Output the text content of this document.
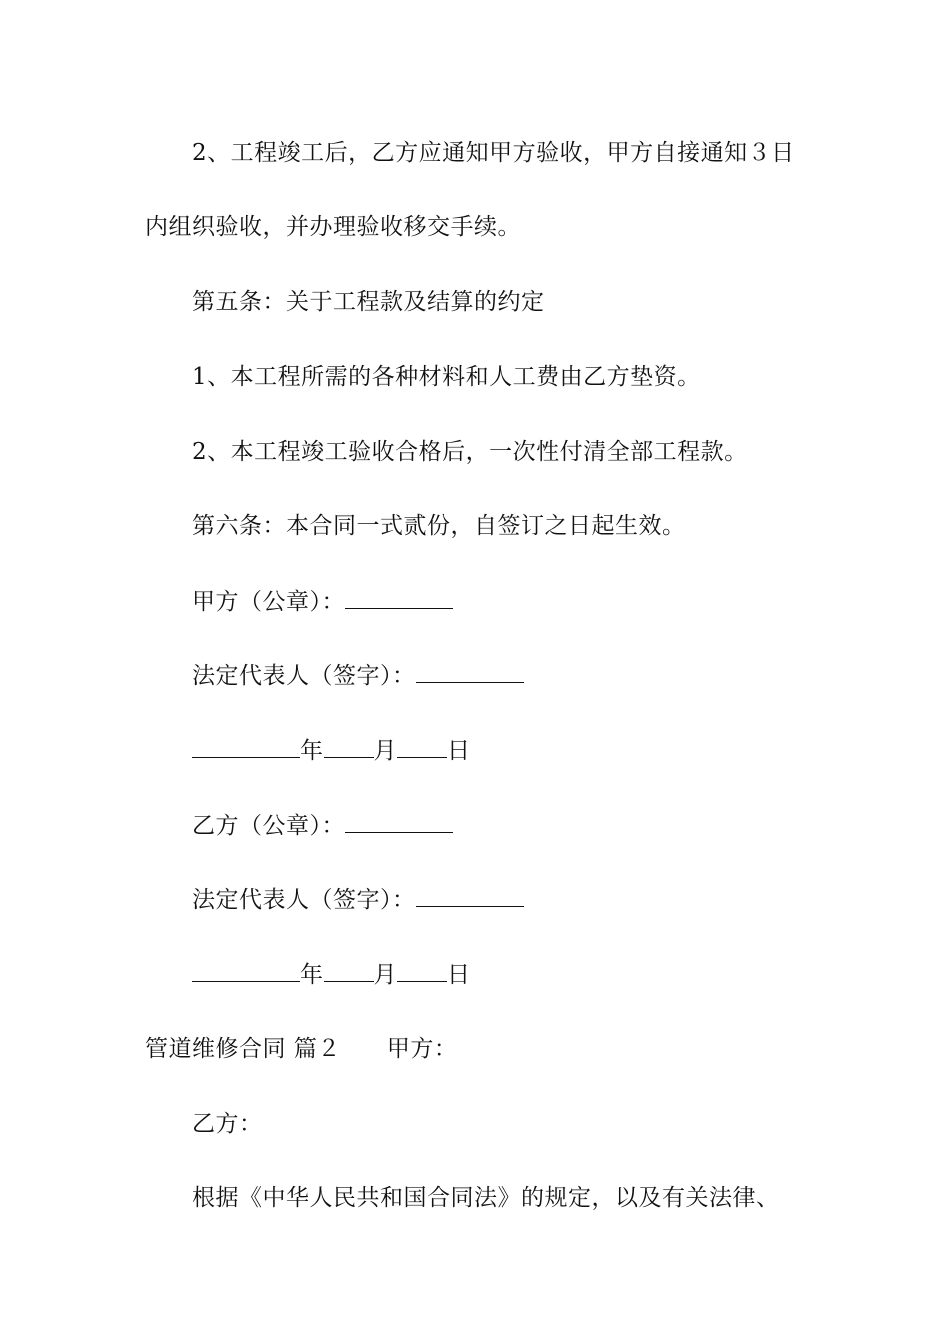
2、工程竣工后，乙方应通知甲方验收，甲方自接通知３日
内组织验收，并办理验收移交手续。
第五条：关于工程款及结算的约定
1、本工程所需的各种材料和人工费由乙方垫资。
2、本工程竣工验收合格后，一次性付清全部工程款。
第六条：本合同一式贰份，自签订之日起生效。
甲方（公章）：
法定代表人（签字）：
年 月 日
乙方（公章）：
法定代表人（签字）：
年 月 日
管道维修合同 篇２ 甲方：
乙方：
根据《中华人民共和国合同法》的规定，以及有关法律、
